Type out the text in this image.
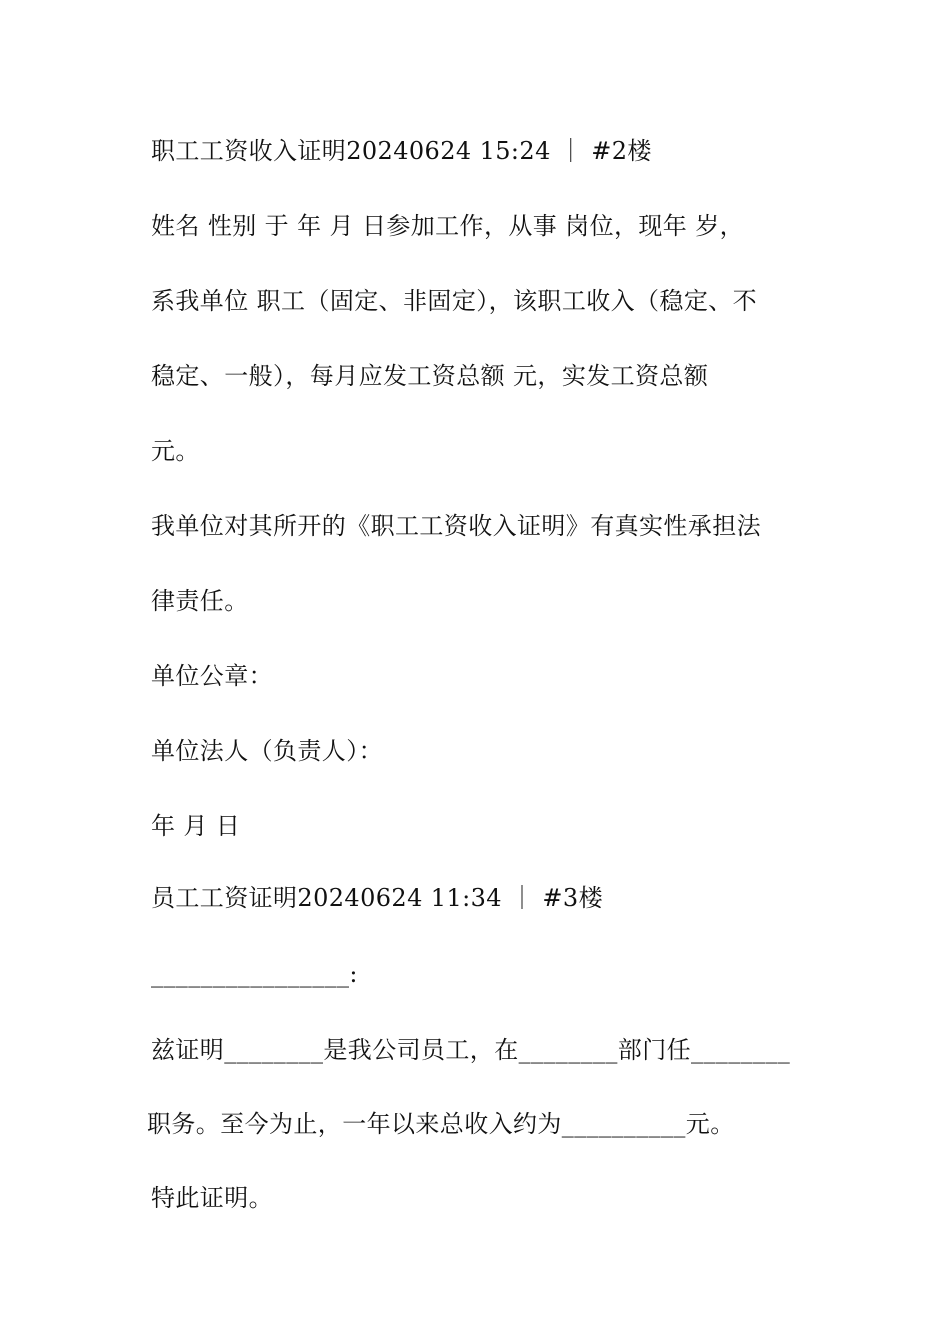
职工工资收入证明20240624 15:24 ｜ #2楼
姓名 性别 于 年 月 日参加工作，从事 岗位，现年 岁，
系我单位 职工（固定、非固定），该职工收入（稳定、不
稳定、一般），每月应发工资总额 元，实发工资总额
元。
我单位对其所开的《职工工资收入证明》有真实性承担法
律责任。
单位公章：
单位法人（负责人）：
年 月 日
员工工资证明20240624 11:34 ｜ #3楼
________________:
兹证明________是我公司员工，在________部门任________
职务。至今为止，一年以来总收入约为__________元。
特此证明。
